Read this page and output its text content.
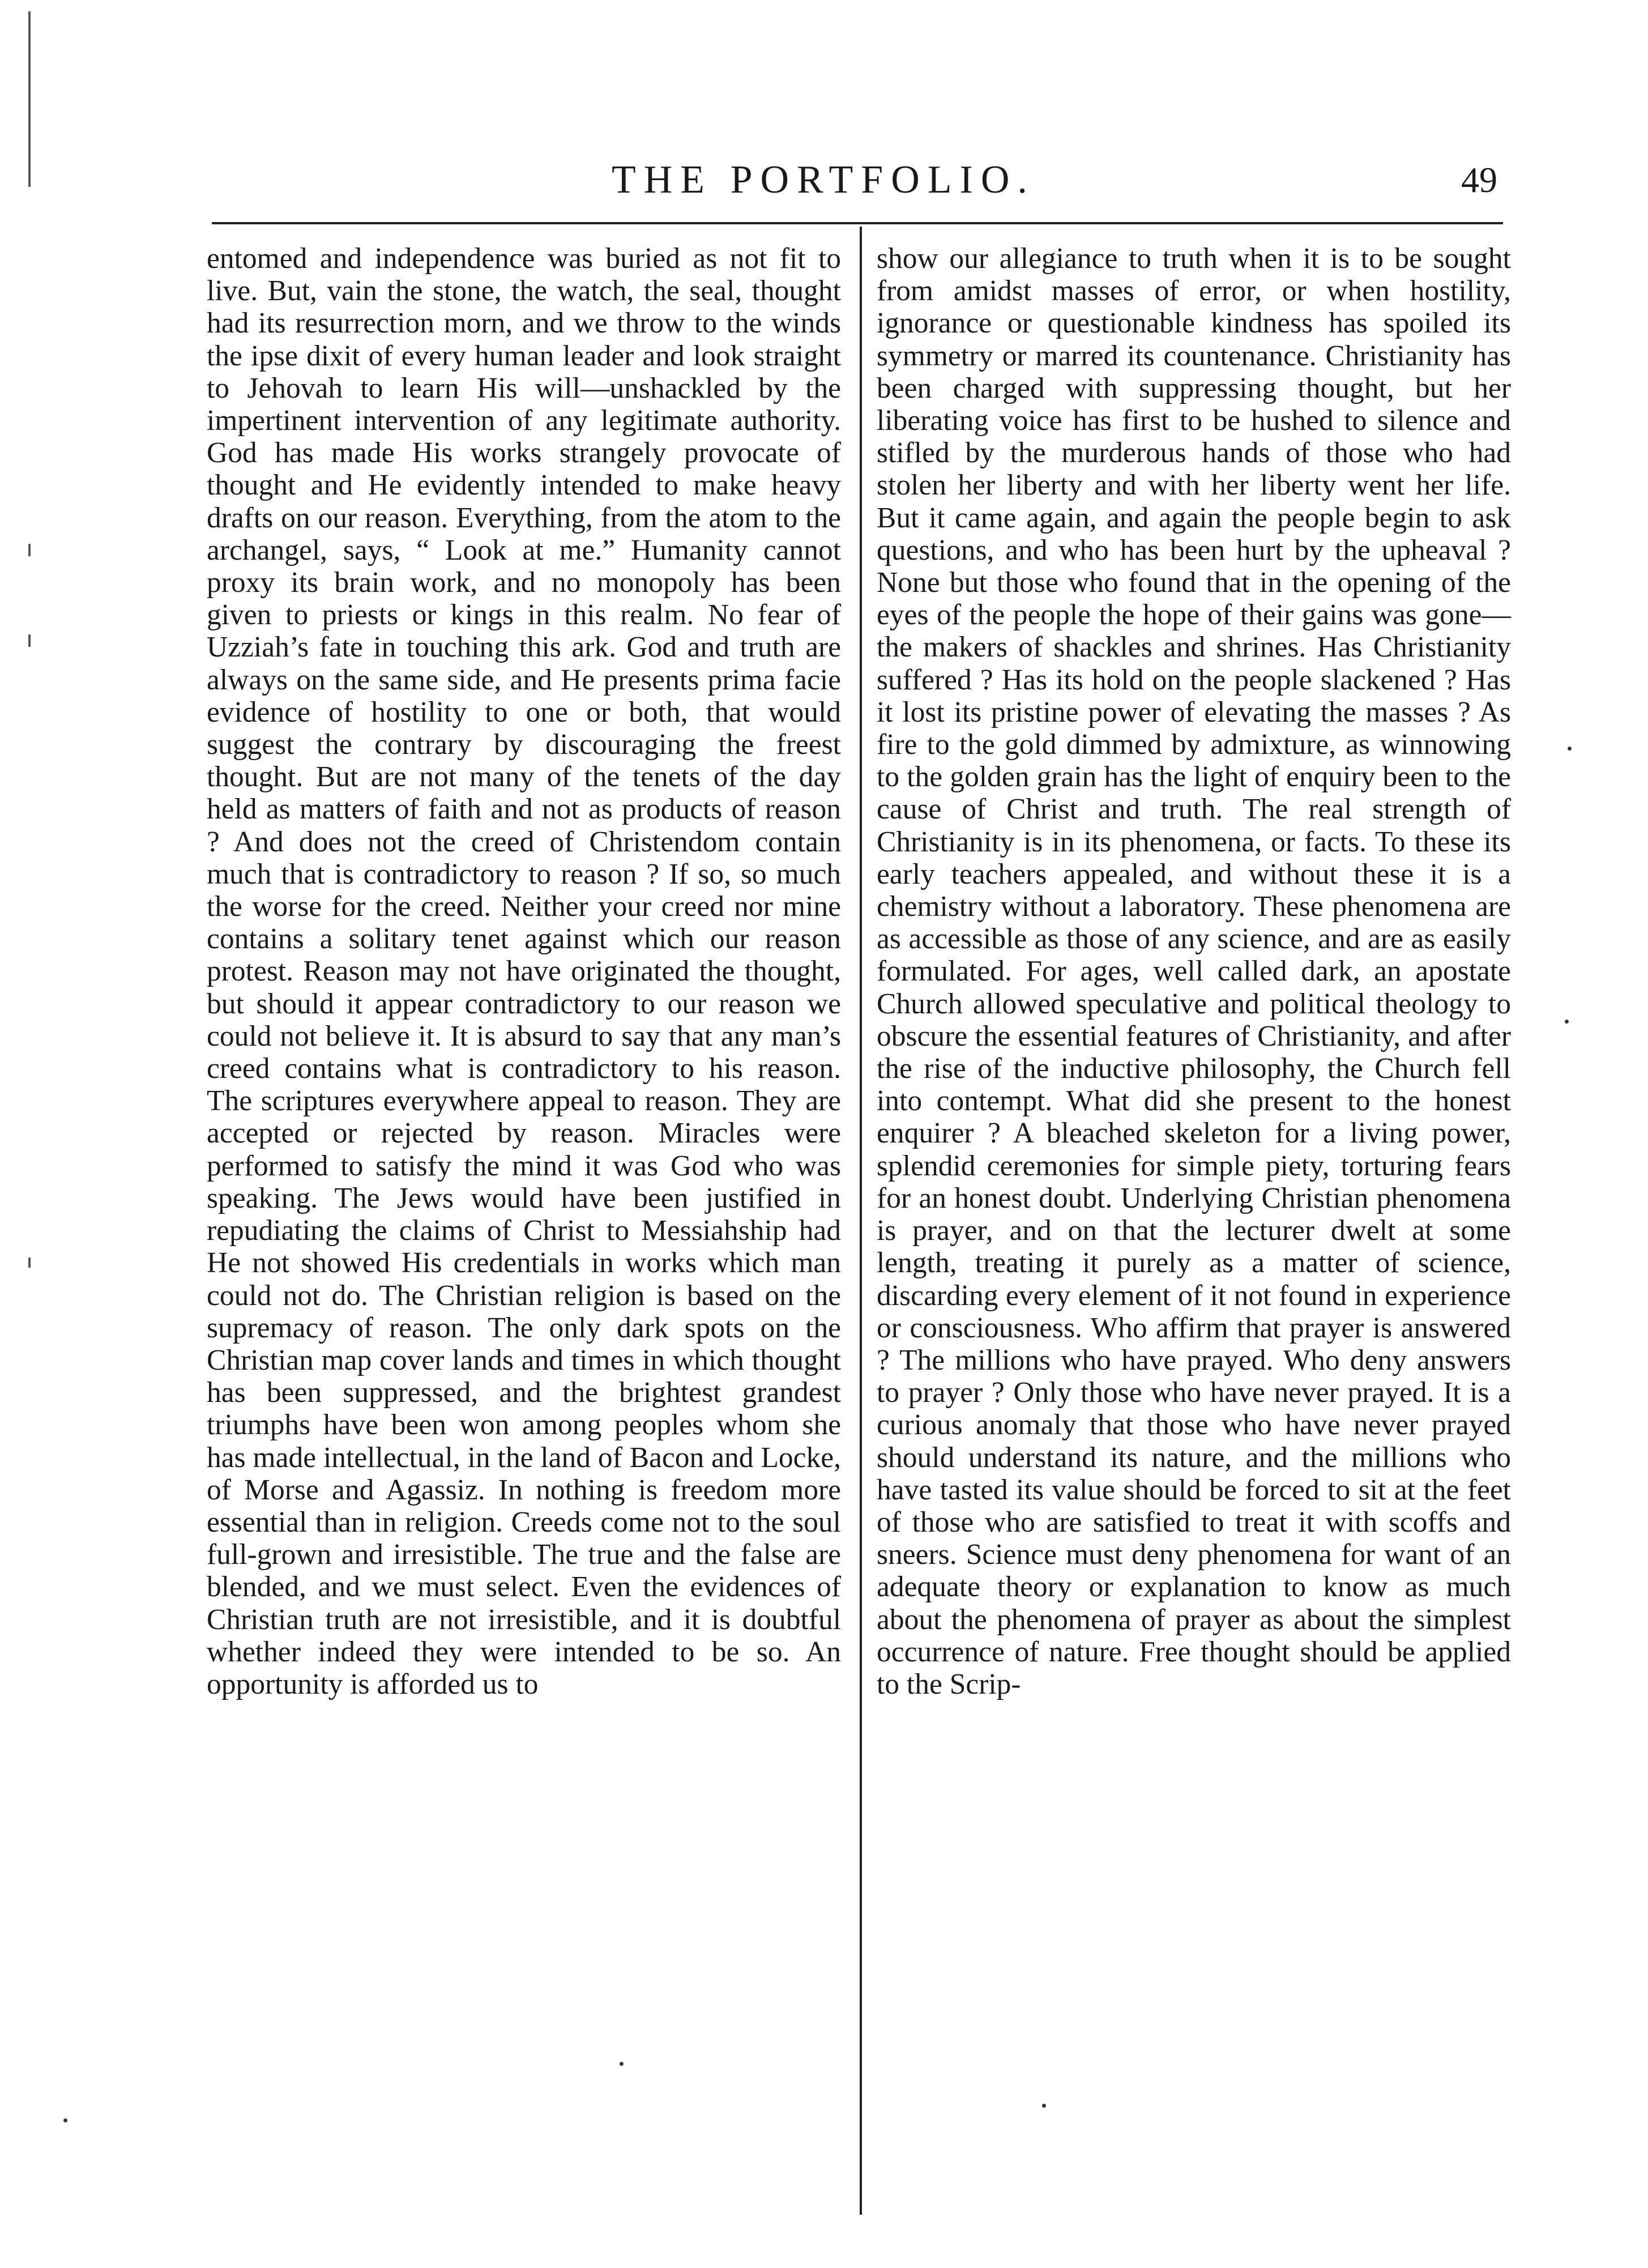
THE PORTFOLIO.	49

entomed and independence was buried as not fit to live. But, vain the stone, the watch, the seal, thought had its resurrection morn, and we throw to the winds the ipse dixit of every human leader and look straight to Jehovah to learn His will—unshackled by the impertinent intervention of any legitimate authority. God has made His works strangely provocate of thought and He evidently intended to make heavy drafts on our reason. Everything, from the atom to the archangel, says, “ Look at me.” Humanity cannot proxy its brain work, and no monopoly has been given to priests or kings in this realm. No fear of Uzziah’s fate in touching this ark. God and truth are always on the same side, and He presents prima facie evidence of hostility to one or both, that would suggest the contrary by discouraging the freest thought. But are not many of the tenets of the day held as matters of faith and not as products of reason ? And does not the creed of Christendom contain much that is contradictory to reason ? If so, so much the worse for the creed. Neither your creed nor mine contains a solitary tenet against which our reason protest. Reason may not have originated the thought, but should it appear contradictory to our reason we could not believe it. It is absurd to say that any man’s creed contains what is contradictory to his reason. The scriptures everywhere appeal to reason. They are accepted or rejected by reason. Miracles were performed to satisfy the mind it was God who was speaking. The Jews would have been justified in repudiating the claims of Christ to Messiahship had He not showed His credentials in works which man could not do. The Christian religion is based on the supremacy of reason. The only dark spots on the Christian map cover lands and times in which thought has been suppressed, and the brightest grandest triumphs have been won among peoples whom she has made intellectual, in the land of Bacon and Locke, of Morse and Agassiz. In nothing is freedom more essential than in religion. Creeds come not to the soul full-grown and irresistible. The true and the false are blended, and we must select. Even the evidences of Christian truth are not irresistible, and it is doubtful whether indeed they were intended to be so. An opportunity is afforded us to

show our allegiance to truth when it is to be sought from amidst masses of error, or when hostility, ignorance or questionable kindness has spoiled its symmetry or marred its countenance. Christianity has been charged with suppressing thought, but her liberating voice has first to be hushed to silence and stifled by the murderous hands of those who had stolen her liberty and with her liberty went her life. But it came again, and again the people begin to ask questions, and who has been hurt by the upheaval ? None but those who found that in the opening of the eyes of the people the hope of their gains was gone—the makers of shackles and shrines. Has Christianity suffered ? Has its hold on the people slackened ? Has it lost its pristine power of elevating the masses ? As fire to the gold dimmed by admixture, as winnowing to the golden grain has the light of enquiry been to the cause of Christ and truth. The real strength of Christianity is in its phenomena, or facts. To these its early teachers appealed, and without these it is a chemistry without a laboratory. These phenomena are as accessible as those of any science, and are as easily formulated. For ages, well called dark, an apostate Church allowed speculative and political theology to obscure the essential features of Christianity, and after the rise of the inductive philosophy, the Church fell into contempt. What did she present to the honest enquirer ? A bleached skeleton for a living power, splendid ceremonies for simple piety, torturing fears for an honest doubt. Underlying Christian phenomena is prayer, and on that the lecturer dwelt at some length, treating it purely as a matter of science, discarding every element of it not found in experience or consciousness. Who affirm that prayer is answered ? The millions who have prayed. Who deny answers to prayer ? Only those who have never prayed. It is a curious anomaly that those who have never prayed should understand its nature, and the millions who have tasted its value should be forced to sit at the feet of those who are satisfied to treat it with scoffs and sneers. Science must deny phenomena for want of an adequate theory or explanation to know as much about the phenomena of prayer as about the simplest occurrence of nature. Free thought should be applied to the Scrip-
